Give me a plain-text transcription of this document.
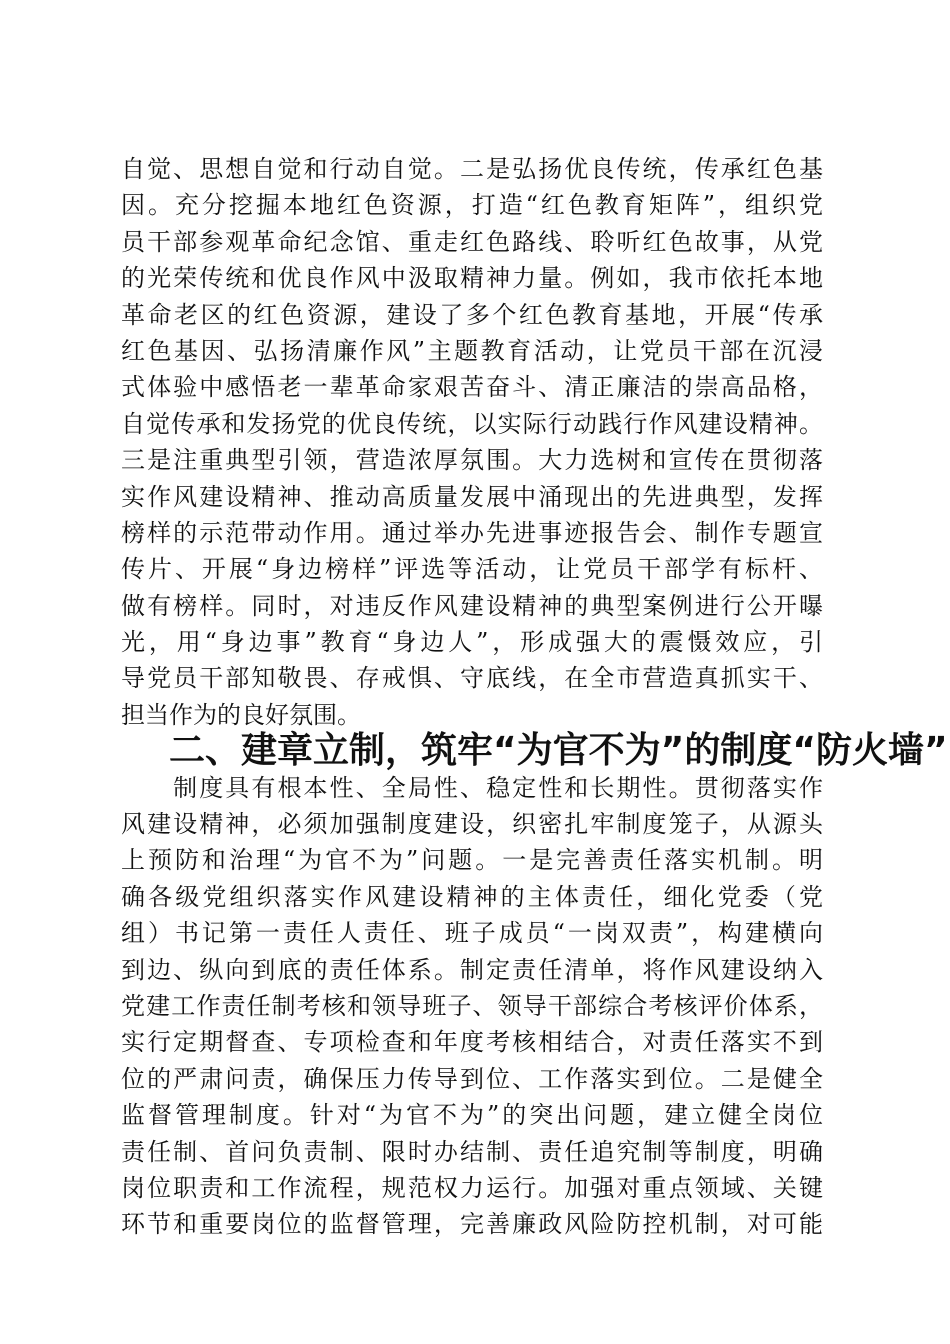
自觉、思想自觉和行动自觉。二是弘扬优良传统，传承红色基
因。充分挖掘本地红色资源，打造“红色教育矩阵”，组织党
员干部参观革命纪念馆、重走红色路线、聆听红色故事，从党
的光荣传统和优良作风中汲取精神力量。例如，我市依托本地
革命老区的红色资源，建设了多个红色教育基地，开展“传承
红色基因、弘扬清廉作风”主题教育活动，让党员干部在沉浸
式体验中感悟老一辈革命家艰苦奋斗、清正廉洁的崇高品格，
自觉传承和发扬党的优良传统，以实际行动践行作风建设精神。
三是注重典型引领，营造浓厚氛围。大力选树和宣传在贯彻落
实作风建设精神、推动高质量发展中涌现出的先进典型，发挥
榜样的示范带动作用。通过举办先进事迹报告会、制作专题宣
传片、开展“身边榜样”评选等活动，让党员干部学有标杆、
做有榜样。同时，对违反作风建设精神的典型案例进行公开曝
光，用“身边事”教育“身边人”，形成强大的震慑效应，引
导党员干部知敬畏、存戒惧、守底线，在全市营造真抓实干、
担当作为的良好氛围。
二、建章立制，筑牢“为官不为”的制度“防火墙”
　　制度具有根本性、全局性、稳定性和长期性。贯彻落实作
风建设精神，必须加强制度建设，织密扎牢制度笼子，从源头
上预防和治理“为官不为”问题。一是完善责任落实机制。明
确各级党组织落实作风建设精神的主体责任，细化党委（党
组）书记第一责任人责任、班子成员“一岗双责”，构建横向
到边、纵向到底的责任体系。制定责任清单，将作风建设纳入
党建工作责任制考核和领导班子、领导干部综合考核评价体系，
实行定期督查、专项检查和年度考核相结合，对责任落实不到
位的严肃问责，确保压力传导到位、工作落实到位。二是健全
监督管理制度。针对“为官不为”的突出问题，建立健全岗位
责任制、首问负责制、限时办结制、责任追究制等制度，明确
岗位职责和工作流程，规范权力运行。加强对重点领域、关键
环节和重要岗位的监督管理，完善廉政风险防控机制，对可能
